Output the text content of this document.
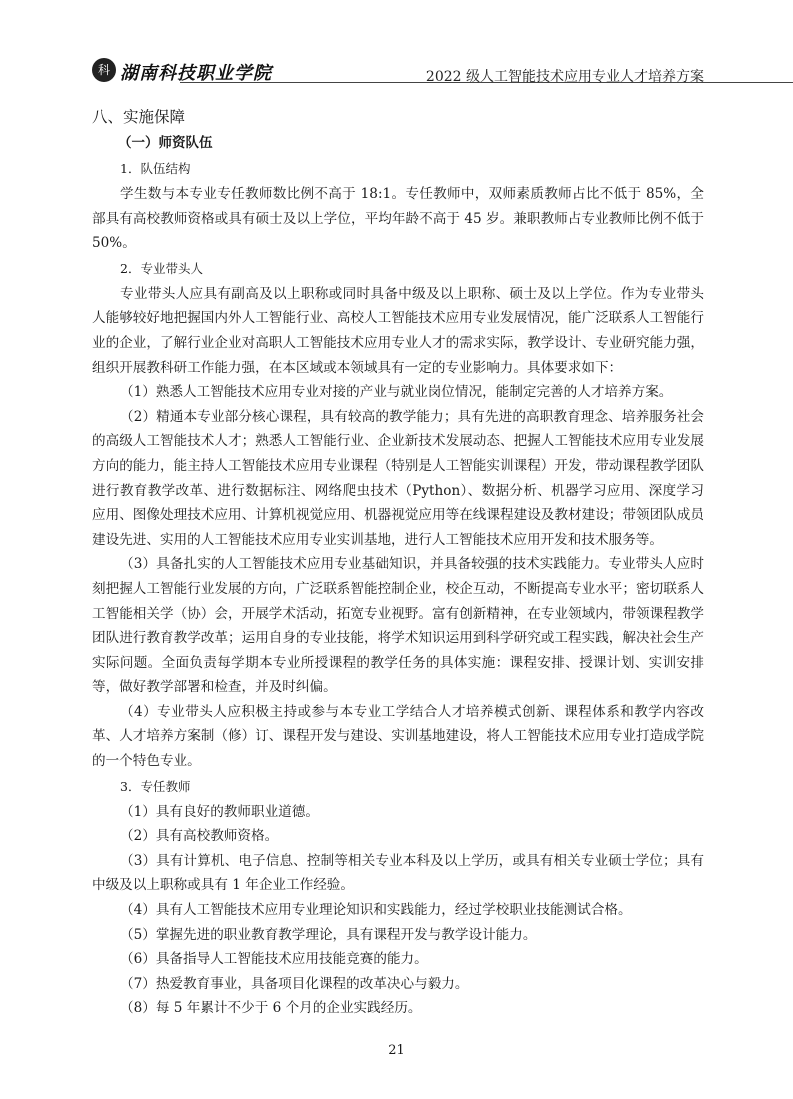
科 湖南科技职业学院	2022 级人工智能技术应用专业人才培养方案
八、实施保障
（一）师资队伍
1．队伍结构

学生数与本专业专任教师数比例不高于 18:1。专任教师中，双师素质教师占比不低于 85%，全部具有高校教师资格或具有硕士及以上学位，平均年龄不高于 45 岁。兼职教师占专业教师比例不低于 50%。

2．专业带头人

专业带头人应具有副高及以上职称或同时具备中级及以上职称、硕士及以上学位。作为专业带头人能够较好地把握国内外人工智能行业、高校人工智能技术应用专业发展情况，能广泛联系人工智能行业的企业，了解行业企业对高职人工智能技术应用专业人才的需求实际，教学设计、专业研究能力强，组织开展教科研工作能力强，在本区域或本领域具有一定的专业影响力。具体要求如下：

（1）熟悉人工智能技术应用专业对接的产业与就业岗位情况，能制定完善的人才培养方案。

（2）精通本专业部分核心课程，具有较高的教学能力；具有先进的高职教育理念、培养服务社会的高级人工智能技术人才；熟悉人工智能行业、企业新技术发展动态、把握人工智能技术应用专业发展方向的能力，能主持人工智能技术应用专业课程（特别是人工智能实训课程）开发，带动课程教学团队进行教育教学改革、进行数据标注、网络爬虫技术（Python）、数据分析、机器学习应用、深度学习应用、图像处理技术应用、计算机视觉应用、机器视觉应用等在线课程建设及教材建设；带领团队成员建设先进、实用的人工智能技术应用专业实训基地，进行人工智能技术应用开发和技术服务等。

（3）具备扎实的人工智能技术应用专业基础知识，并具备较强的技术实践能力。专业带头人应时刻把握人工智能行业发展的方向，广泛联系智能控制企业，校企互动，不断提高专业水平；密切联系人工智能相关学（协）会，开展学术活动，拓宽专业视野。富有创新精神，在专业领域内，带领课程教学团队进行教育教学改革；运用自身的专业技能，将学术知识运用到科学研究或工程实践，解决社会生产实际问题。全面负责每学期本专业所授课程的教学任务的具体实施：课程安排、授课计划、实训安排等，做好教学部署和检查，并及时纠偏。

（4）专业带头人应积极主持或参与本专业工学结合人才培养模式创新、课程体系和教学内容改革、人才培养方案制（修）订、课程开发与建设、实训基地建设，将人工智能技术应用专业打造成学院的一个特色专业。

3．专任教师

（1）具有良好的教师职业道德。

（2）具有高校教师资格。

（3）具有计算机、电子信息、控制等相关专业本科及以上学历，或具有相关专业硕士学位；具有中级及以上职称或具有 1 年企业工作经验。

（4）具有人工智能技术应用专业理论知识和实践能力，经过学校职业技能测试合格。

（5）掌握先进的职业教育教学理论，具有课程开发与教学设计能力。

（6）具备指导人工智能技术应用技能竞赛的能力。

（7）热爱教育事业，具备项目化课程的改革决心与毅力。

（8）每 5 年累计不少于 6 个月的企业实践经历。

21
